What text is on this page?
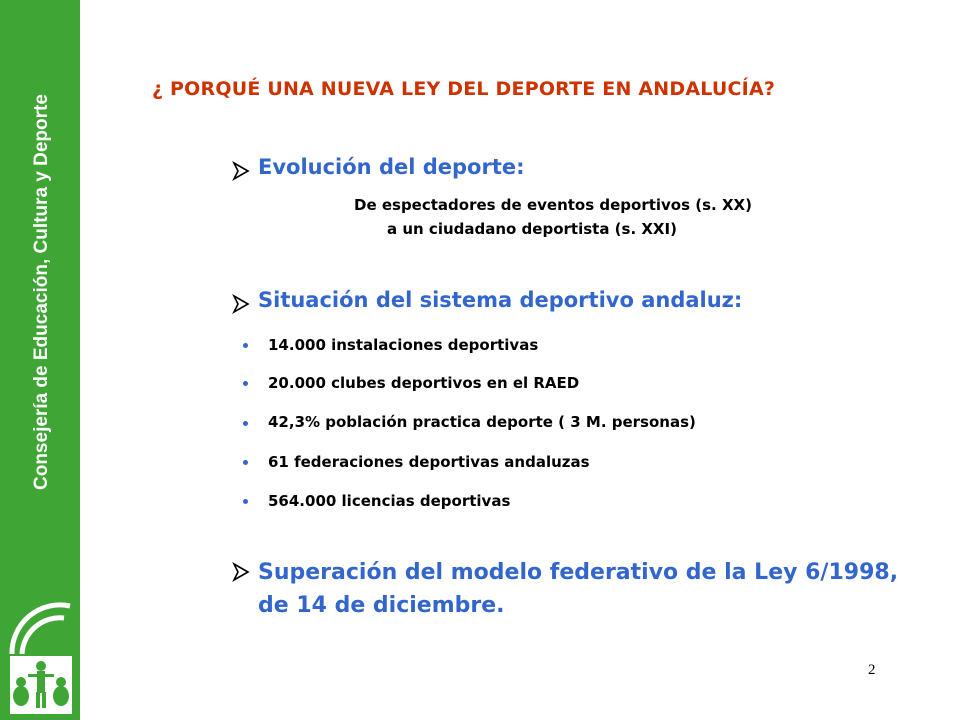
Consejería de Educación, Cultura y Deporte
¿ PORQUÉ UNA NUEVA LEY DEL DEPORTE EN ANDALUCÍA?
Evolución del deporte:
De espectadores de eventos deportivos (s. XX)
a un ciudadano deportista (s. XXI)
Situación del sistema deportivo andaluz:
14.000 instalaciones deportivas
20.000 clubes deportivos en el RAED
42,3% población practica deporte ( 3 M. personas)
61 federaciones deportivas andaluzas
564.000 licencias deportivas
Superación del modelo federativo de la Ley 6/1998,
de 14 de diciembre.
2
